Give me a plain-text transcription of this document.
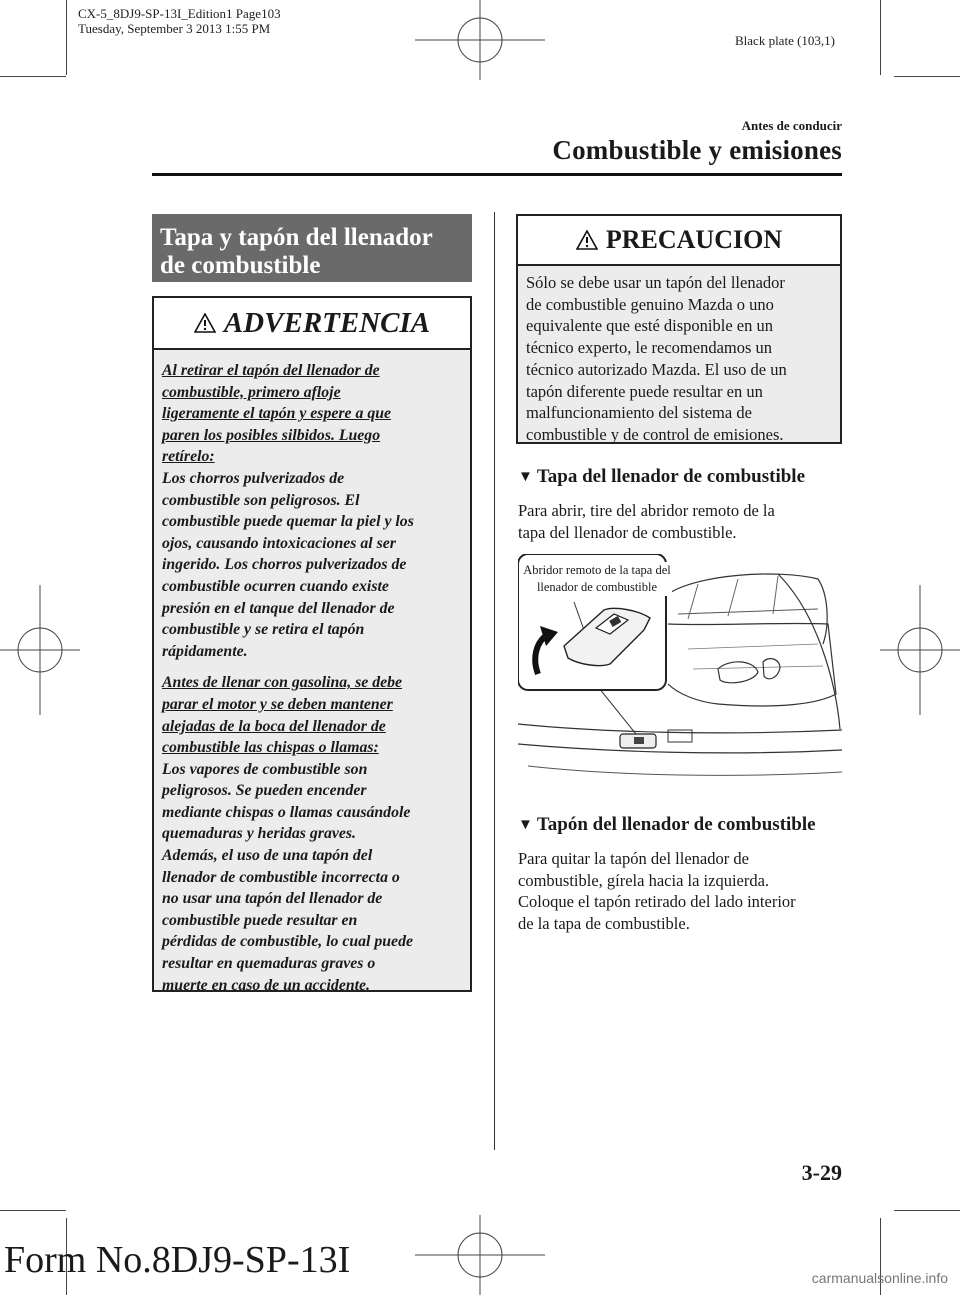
CX-5_8DJ9-SP-13I_Edition1 Page103
Tuesday, September 3 2013 1:55 PM
Black plate (103,1)
Antes de conducir
Combustible y emisiones
Tapa y tapón del llenador
de combustible
ADVERTENCIA

Al retirar el tapón del llenador de
combustible, primero afloje
ligeramente el tapón y espere a que
paren los posibles silbidos. Luego
retírelo:
Los chorros pulverizados de
combustible son peligrosos. El
combustible puede quemar la piel y los
ojos, causando intoxicaciones al ser
ingerido. Los chorros pulverizados de
combustible ocurren cuando existe
presión en el tanque del llenador de
combustible y se retira el tapón
rápidamente.

Antes de llenar con gasolina, se debe
parar el motor y se deben mantener
alejadas de la boca del llenador de
combustible las chispas o llamas:
Los vapores de combustible son
peligrosos. Se pueden encender
mediante chispas o llamas causándole
quemaduras y heridas graves.
Además, el uso de una tapón del
llenador de combustible incorrecta o
no usar una tapón del llenador de
combustible puede resultar en
pérdidas de combustible, lo cual puede
resultar en quemaduras graves o
muerte en caso de un accidente.

PRECAUCION
Sólo se debe usar un tapón del llenador
de combustible genuino Mazda o uno
equivalente que esté disponible en un
técnico experto, le recomendamos un
técnico autorizado Mazda. El uso de un
tapón diferente puede resultar en un
malfuncionamiento del sistema de
combustible y de control de emisiones.
▼ Tapa del llenador de combustible
Para abrir, tire del abridor remoto de la
tapa del llenador de combustible.
Abridor remoto de la tapa del
llenador de combustible
▼ Tapón del llenador de combustible
Para quitar la tapón del llenador de
combustible, gírela hacia la izquierda.
Coloque el tapón retirado del lado interior
de la tapa de combustible.
3-29
Form No.8DJ9-SP-13I	carmanualsonline.info
